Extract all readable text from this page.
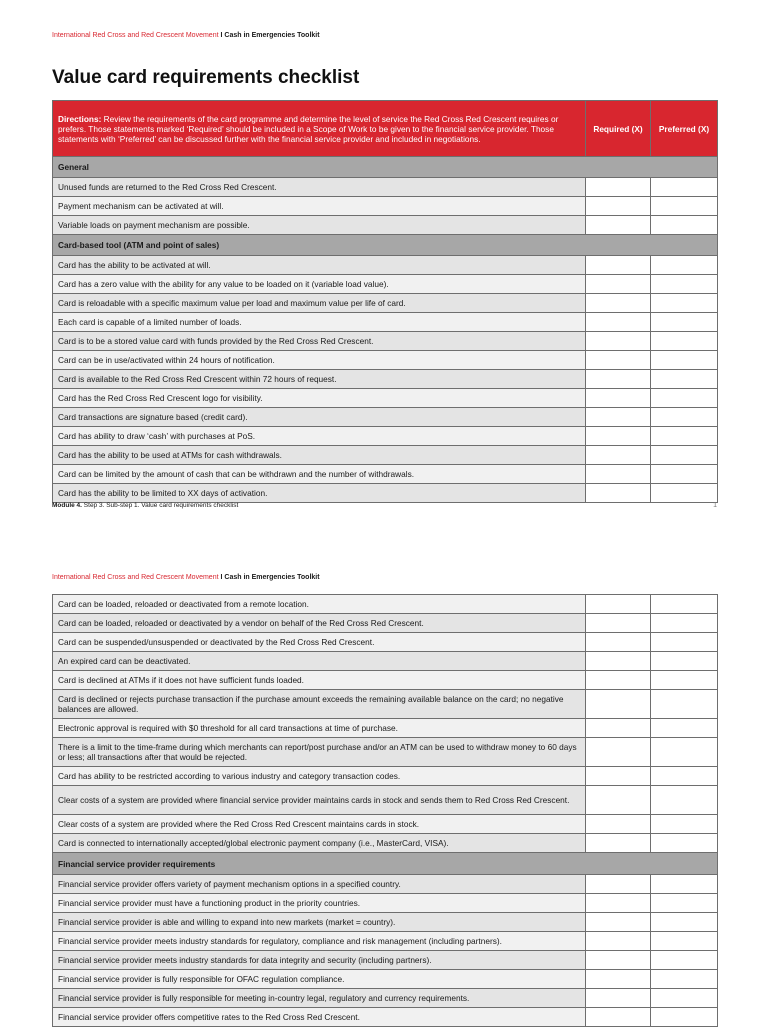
International Red Cross and Red Crescent Movement I Cash in Emergencies Toolkit
Value card requirements checklist
Directions: Review the requirements of the card programme and determine the level of service the Red Cross Red Crescent requires or prefers. Those statements marked ‘Required’ should be included in a Scope of Work to be given to the financial service provider. Those statements with ‘Preferred’ can be discussed further with the financial service provider and included in negotiations.	Required (X)	Preferred (X)
General		
Unused funds are returned to the Red Cross Red Crescent.		
Payment mechanism can be activated at will.		
Variable loads on payment mechanism are possible.		
Card-based tool (ATM and point of sales)		
Card has the ability to be activated at will.		
Card has a zero value with the ability for any value to be loaded on it (variable load value).		
Card is reloadable with a specific maximum value per load and maximum value per life of card.		
Each card is capable of a limited number of loads.		
Card is to be a stored value card with funds provided by the Red Cross Red Crescent.		
Card can be in use/activated within 24 hours of notification.		
Card is available to the Red Cross Red Crescent within 72 hours of request.		
Card has the Red Cross Red Crescent logo for visibility.		
Card transactions are signature based (credit card).		
Card has ability to draw ‘cash’ with purchases at PoS.		
Card has the ability to be used at ATMs for cash withdrawals.		
Card can be limited by the amount of cash that can be withdrawn and the number of withdrawals.		
Card has the ability to be limited to XX days of activation.		
Module 4. Step 3. Sub-step 1. Value card requirements checklist	1
International Red Cross and Red Crescent Movement I Cash in Emergencies Toolkit
Card can be loaded, reloaded or deactivated from a remote location.		
Card can be loaded, reloaded or deactivated by a vendor on behalf of the Red Cross Red Crescent.		
Card can be suspended/unsuspended or deactivated by the Red Cross Red Crescent.		
An expired card can be deactivated.		
Card is declined at ATMs if it does not have sufficient funds loaded.		
Card is declined or rejects purchase transaction if the purchase amount exceeds the remaining available balance on the card; no negative balances are allowed.		
Electronic approval is required with $0 threshold for all card transactions at time of purchase.		
There is a limit to the time-frame during which merchants can report/post purchase and/or an ATM can be used to withdraw money to 60 days or less; all transactions after that would be rejected.		
Card has ability to be restricted according to various industry and category transaction codes.		
Clear costs of a system are provided where financial service provider maintains cards in stock and sends them to Red Cross Red Crescent.		
Clear costs of a system are provided where the Red Cross Red Crescent maintains cards in stock.		
Card is connected to internationally accepted/global electronic payment company (i.e., MasterCard, VISA).		
Financial service provider requirements		
Financial service provider offers variety of payment mechanism options in a specified country.		
Financial service provider must have a functioning product in the priority countries.		
Financial service provider is able and willing to expand into new markets (market = country).		
Financial service provider meets industry standards for regulatory, compliance and risk management (including partners).		
Financial service provider meets industry standards for data integrity and security (including partners).		
Financial service provider is fully responsible for OFAC regulation compliance.		
Financial service provider is fully responsible for meeting in-country legal, regulatory and currency requirements.		
Financial service provider offers competitive rates to the Red Cross Red Crescent.		
